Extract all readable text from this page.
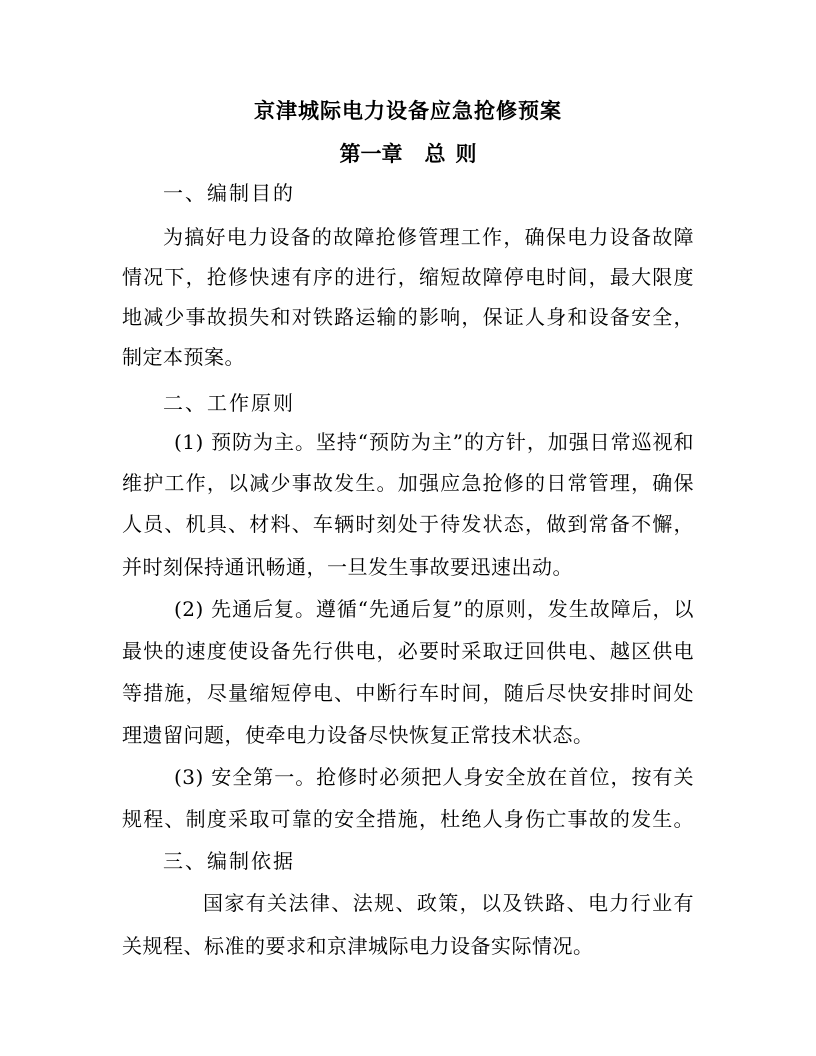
京津城际电力设备应急抢修预案
第一章 总 则
一、编制目的
为搞好电力设备的故障抢修管理工作，确保电力设备故障
情况下，抢修快速有序的进行，缩短故障停电时间，最大限度
地减少事故损失和对铁路运输的影响，保证人身和设备安全，
制定本预案。
二、工作原则
(1) 预防为主。坚持“预防为主”的方针，加强日常巡视和
维护工作，以减少事故发生。加强应急抢修的日常管理，确保
人员、机具、材料、车辆时刻处于待发状态，做到常备不懈，
并时刻保持通讯畅通，一旦发生事故要迅速出动。
(2) 先通后复。遵循“先通后复”的原则，发生故障后，以
最快的速度使设备先行供电，必要时采取迂回供电、越区供电
等措施，尽量缩短停电、中断行车时间，随后尽快安排时间处
理遗留问题，使牵电力设备尽快恢复正常技术状态。
(3) 安全第一。抢修时必须把人身安全放在首位，按有关
规程、制度采取可靠的安全措施，杜绝人身伤亡事故的发生。
三、编制依据
国家有关法律、法规、政策，以及铁路、电力行业有
关规程、标准的要求和京津城际电力设备实际情况。
